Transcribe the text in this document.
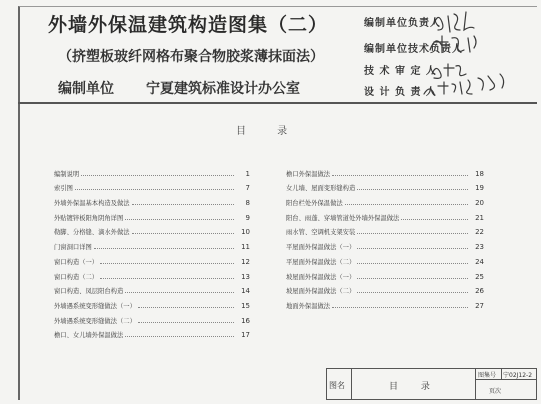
外墙外保温建筑构造图集（二）
（挤塑板玻纤网格布聚合物胶浆薄抹面法）
编制单位 宁夏建筑标准设计办公室
编制单位负责人
编制单位技术负责人
技 术 审 定 人
设 计 负 责 人
目 录
编制说明	1
索引图	7
外墙外保温基本构造及做法	8
外贴镀锌板阳角阴角详图	9
勒脚、分格缝、滴水外做法	10
门窗洞口详图	11
窗口构造（一）	12
窗口构造（二）	13
窗口构造、凤层阳台构造	14
外墙遇系统变形缝做法（一）	15
外墙遇系统变形缝做法（二）	16
檐口、女儿墙外保温做法	17
檐口外保温做法	18
女儿墙、屋面变形缝构造	19
阳台栏处外保温做法	20
阳台、雨蓬、穿墙管道处外墙外保温做法	21
雨水管、空调机支架安装	22
平屋面外保温做法（一）	23
平屋面外保温做法（二）	24
坡屋面外保温做法（一）	25
坡屋面外保温做法（二）	26
地面外保温做法	27
图名	目 录
图集号 宁02J12-2
页次
